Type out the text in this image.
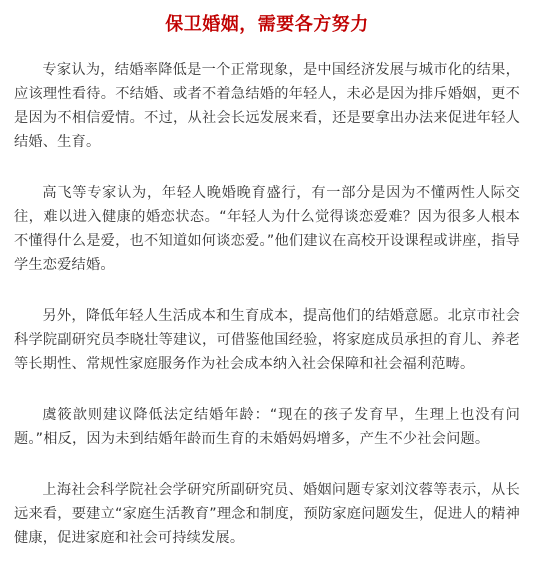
保卫婚姻，需要各方努力

专家认为，结婚率降低是一个正常现象，是中国经济发展与城市化的结果，应该理性看待。不结婚、或者不着急结婚的年轻人，未必是因为排斥婚姻，更不是因为不相信爱情。不过，从社会长远发展来看，还是要拿出办法来促进年轻人结婚、生育。

高飞等专家认为，年轻人晚婚晚育盛行，有一部分是因为不懂两性人际交往，难以进入健康的婚恋状态。“年轻人为什么觉得谈恋爱难？因为很多人根本不懂得什么是爱，也不知道如何谈恋爱。”他们建议在高校开设课程或讲座，指导学生恋爱结婚。

另外，降低年轻人生活成本和生育成本，提高他们的结婚意愿。北京市社会科学院副研究员李晓壮等建议，可借鉴他国经验，将家庭成员承担的育儿、养老等长期性、常规性家庭服务作为社会成本纳入社会保障和社会福利范畴。

虞筱歆则建议降低法定结婚年龄：“现在的孩子发育早，生理上也没有问题。”相反，因为未到结婚年龄而生育的未婚妈妈增多，产生不少社会问题。

上海社会科学院社会学研究所副研究员、婚姻问题专家刘汶蓉等表示，从长远来看，要建立“家庭生活教育”理念和制度，预防家庭问题发生，促进人的精神健康，促进家庭和社会可持续发展。
